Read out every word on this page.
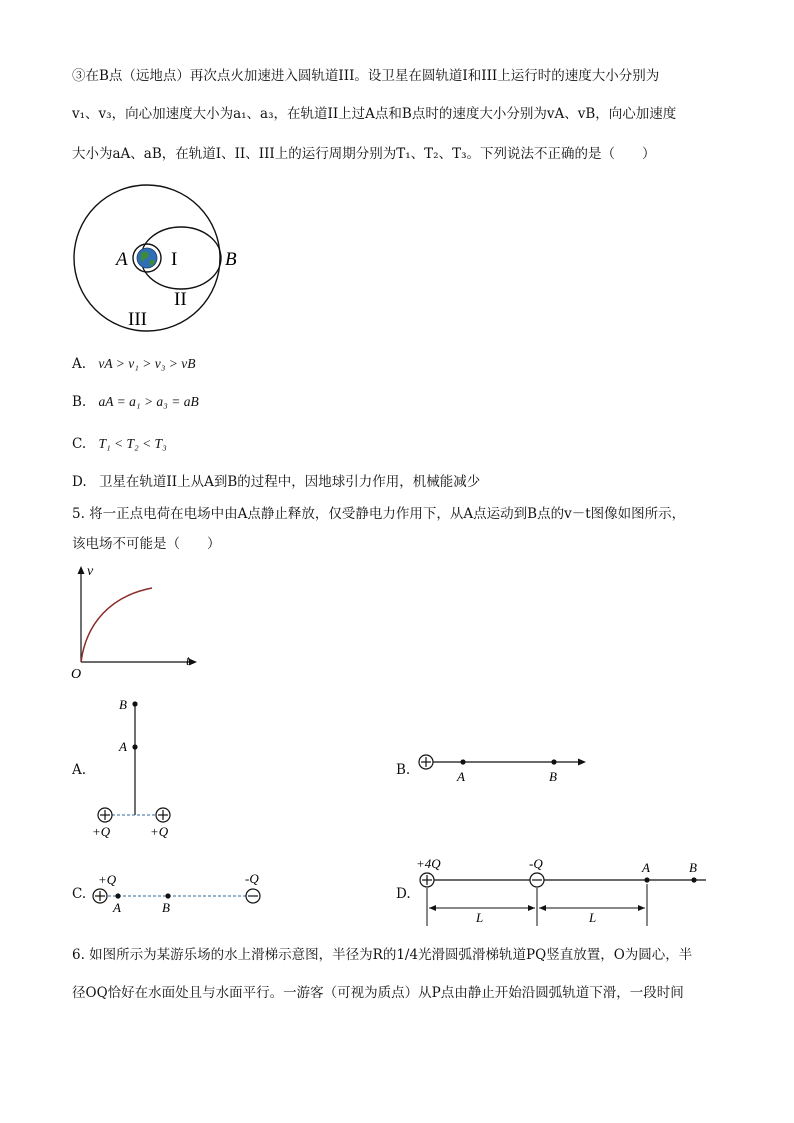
③在B点（远地点）再次点火加速进入圆轨道III。设卫星在圆轨道I和III上运行时的速度大小分别为
v₁、v₃，向心加速度大小为a₁、a₃，在轨道II上过A点和B点时的速度大小分别为vA、vB，向心加速度
大小为aA、aB，在轨道I、II、III上的运行周期分别为T₁、T₂、T₃。下列说法不正确的是（　　）
A I	B
II
III
A. vA > v₁ > v₃ > vB
B. aA = a₁ > a₃ = aB
C. T₁ < T₂ < T₃
D. 卫星在轨道II上从A到B的过程中，因地球引力作用，机械能减少
5. 将一正点电荷在电场中由A点静止释放，仅受静电力作用下，从A点运动到B点的v－t图像如图所示，
该电场不可能是（　　）
v
t
O
A.
B
A
+Q	+Q
B.	A	B
C.
+Q	-Q
A	B
D.
+4Q	-Q	A	B
L	L
6. 如图所示为某游乐场的水上滑梯示意图，半径为R的1/4光滑圆弧滑梯轨道PQ竖直放置，O为圆心，半
径OQ恰好在水面处且与水面平行。一游客（可视为质点）从P点由静止开始沿圆弧轨道下滑，一段时间
